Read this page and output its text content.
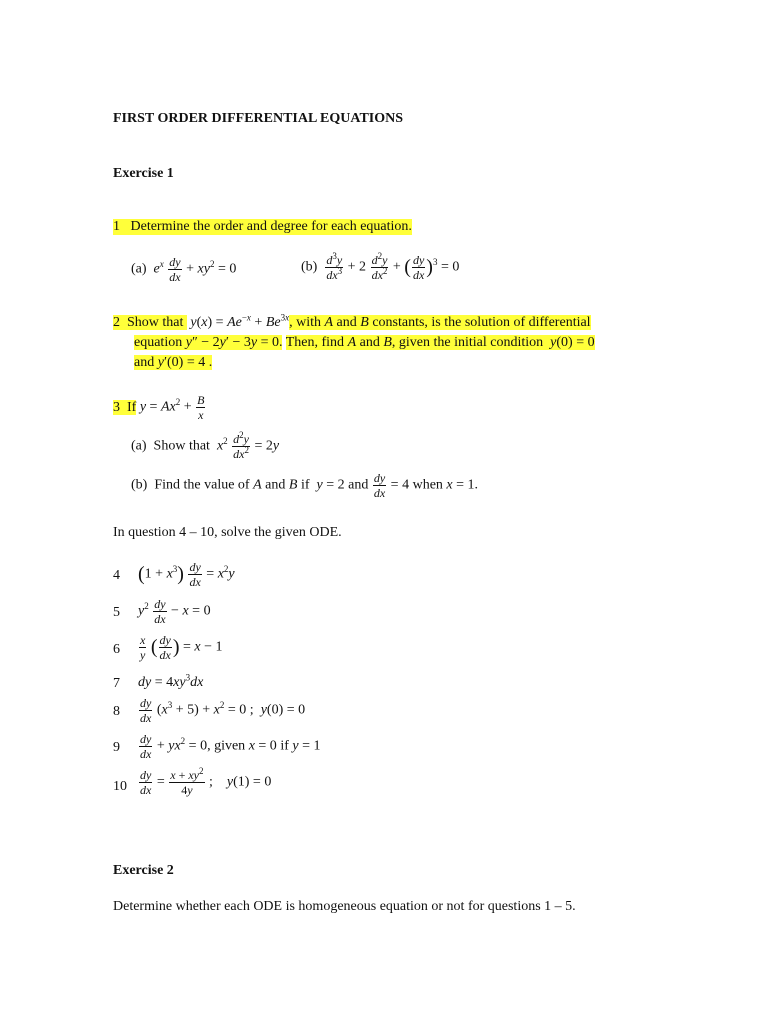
FIRST ORDER DIFFERENTIAL EQUATIONS
Exercise 1
1 Determine the order and degree for each equation.
(a) $e^x \frac{dy}{dx} + xy^2 = 0$	$(b) \frac{d^3y}{dx^3} + 2 \frac{d^2y}{dx^2}$ + ( $\frac{dy}{dx} )^3 = 0$
2 Show that $y(x) = Ae^{-x} + Be^{3x}$, with A and B constants, is the solution of differential
equation y″ − 2y′ − 3y = 0. Then, find A and B, given the initial condition y(0) = 0
and y′(0) = 4 .
3 If $y = Ax^2 + \frac{B}{x}$
(a) Show that $x^2 \frac{d^2y}{dx^2} = 2y$
(b) Find the value of A and B if y = 2 and $\frac{dy}{dx} = 4$ when x = 1.
In question 4 – 10, solve the given ODE.
4 $(1 + x^3) \frac{dy}{dx} = x^2y$
5 $y^2 \frac{dy}{dx} - x = 0$
$6 \frac{x}{y}$ ( $\frac{dy}{dx}$ ) = x − 1
7 dy = $4xy^3dx$
$8 \frac{dy}{dx} (x^3 + 5) + x^2 = 0$ ;  y(0) = 0
$9 \frac{dy}{dx} + yx^2 = 0$, given x = 0 if y = 1
$10 \frac{dy}{dx} = \frac{x + xy^2}{4y}$ ;    y(1) = 0
Exercise 2
Determine whether each ODE is homogeneous equation or not for questions 1 – 5.
